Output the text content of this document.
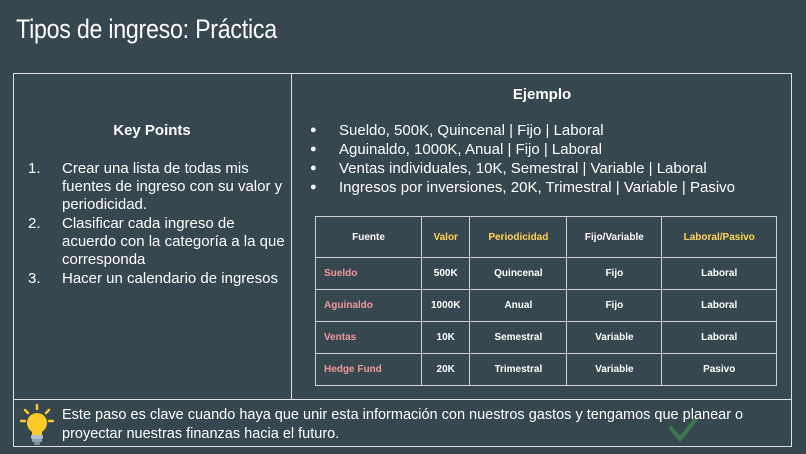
Tipos de ingreso: Práctica
Key Points
1. Crear una lista de todas mis fuentes de ingreso con su valor y periodicidad.
2. Clasificar cada ingreso de acuerdo con la categoría a la que corresponda
3. Hacer un calendario de ingresos
Ejemplo
● Sueldo, 500K, Quincenal | Fijo | Laboral
● Aguinaldo, 1000K, Anual | Fijo | Laboral
● Ventas individuales, 10K, Semestral | Variable | Laboral
● Ingresos por inversiones, 20K, Trimestral | Variable | Pasivo
Fuente	Valor	Periodicidad	Fijo/Variable	Laboral/Pasivo
Sueldo	500K	Quincenal	Fijo	Laboral
Aguinaldo	1000K	Anual	Fijo	Laboral
Ventas	10K	Semestral	Variable	Laboral
Hedge Fund	20K	Trimestral	Variable	Pasivo
Este paso es clave cuando haya que unir esta información con nuestros gastos y tengamos que planear o proyectar nuestras finanzas hacia el futuro.
